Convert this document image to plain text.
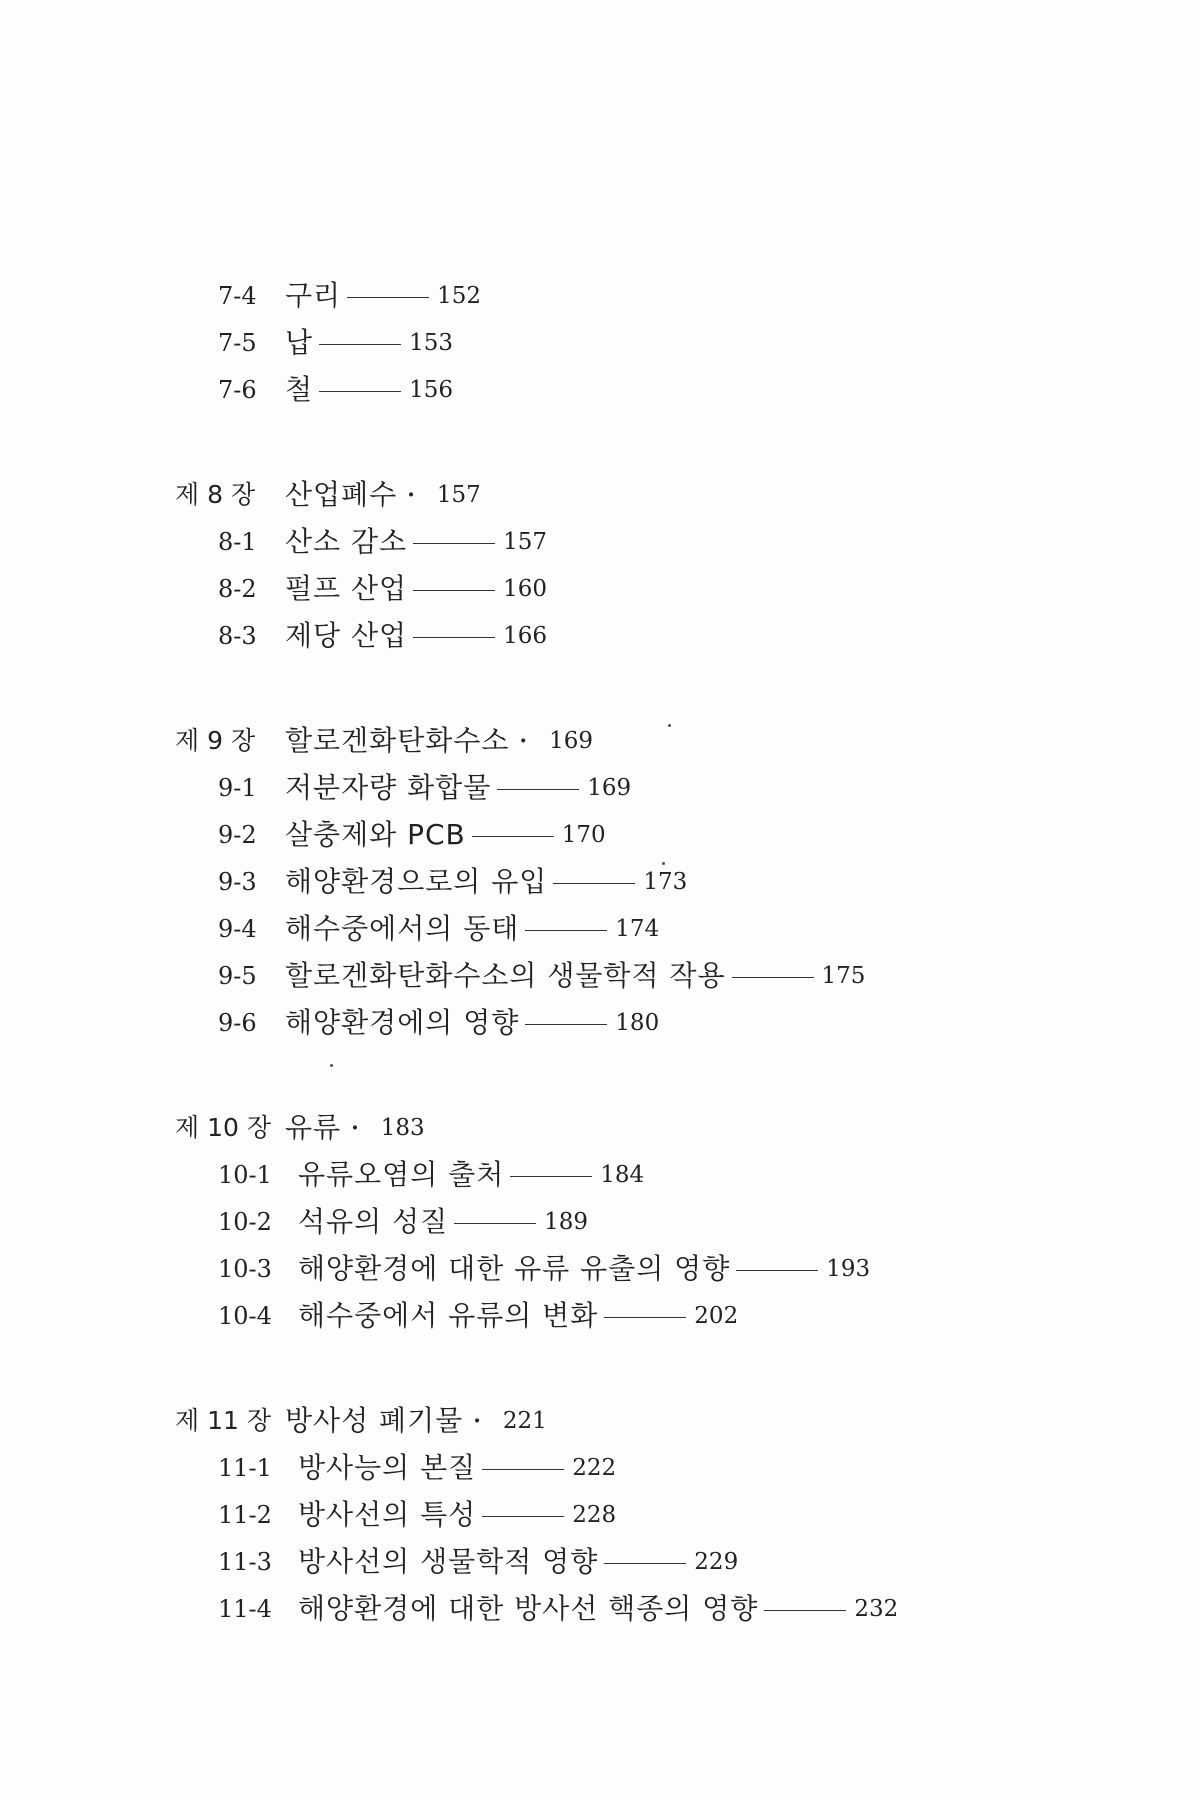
7-4 구리	152
7-5 납	153
7-6 철	156
제 8 장 산업폐수 · 157
8-1 산소 감소	157
8-2 펄프 산업	160
8-3 제당 산업	166
제 9 장 할로겐화탄화수소 · 169
9-1 저분자량 화합물	169
9-2 살충제와 PCB	170
9-3 해양환경으로의 유입	173
9-4 해수중에서의 동태	174
9-5 할로겐화탄화수소의 생물학적 작용	175
9-6 해양환경에의 영향	180
제 10 장 유류 · 183
10-1 유류오염의 출처	184
10-2 석유의 성질	189
10-3 해양환경에 대한 유류 유출의 영향	193
10-4 해수중에서 유류의 변화	202
제 11 장 방사성 폐기물 · 221
11-1 방사능의 본질	222
11-2 방사선의 특성	228
11-3 방사선의 생물학적 영향	229
11-4 해양환경에 대한 방사선 핵종의 영향	232
